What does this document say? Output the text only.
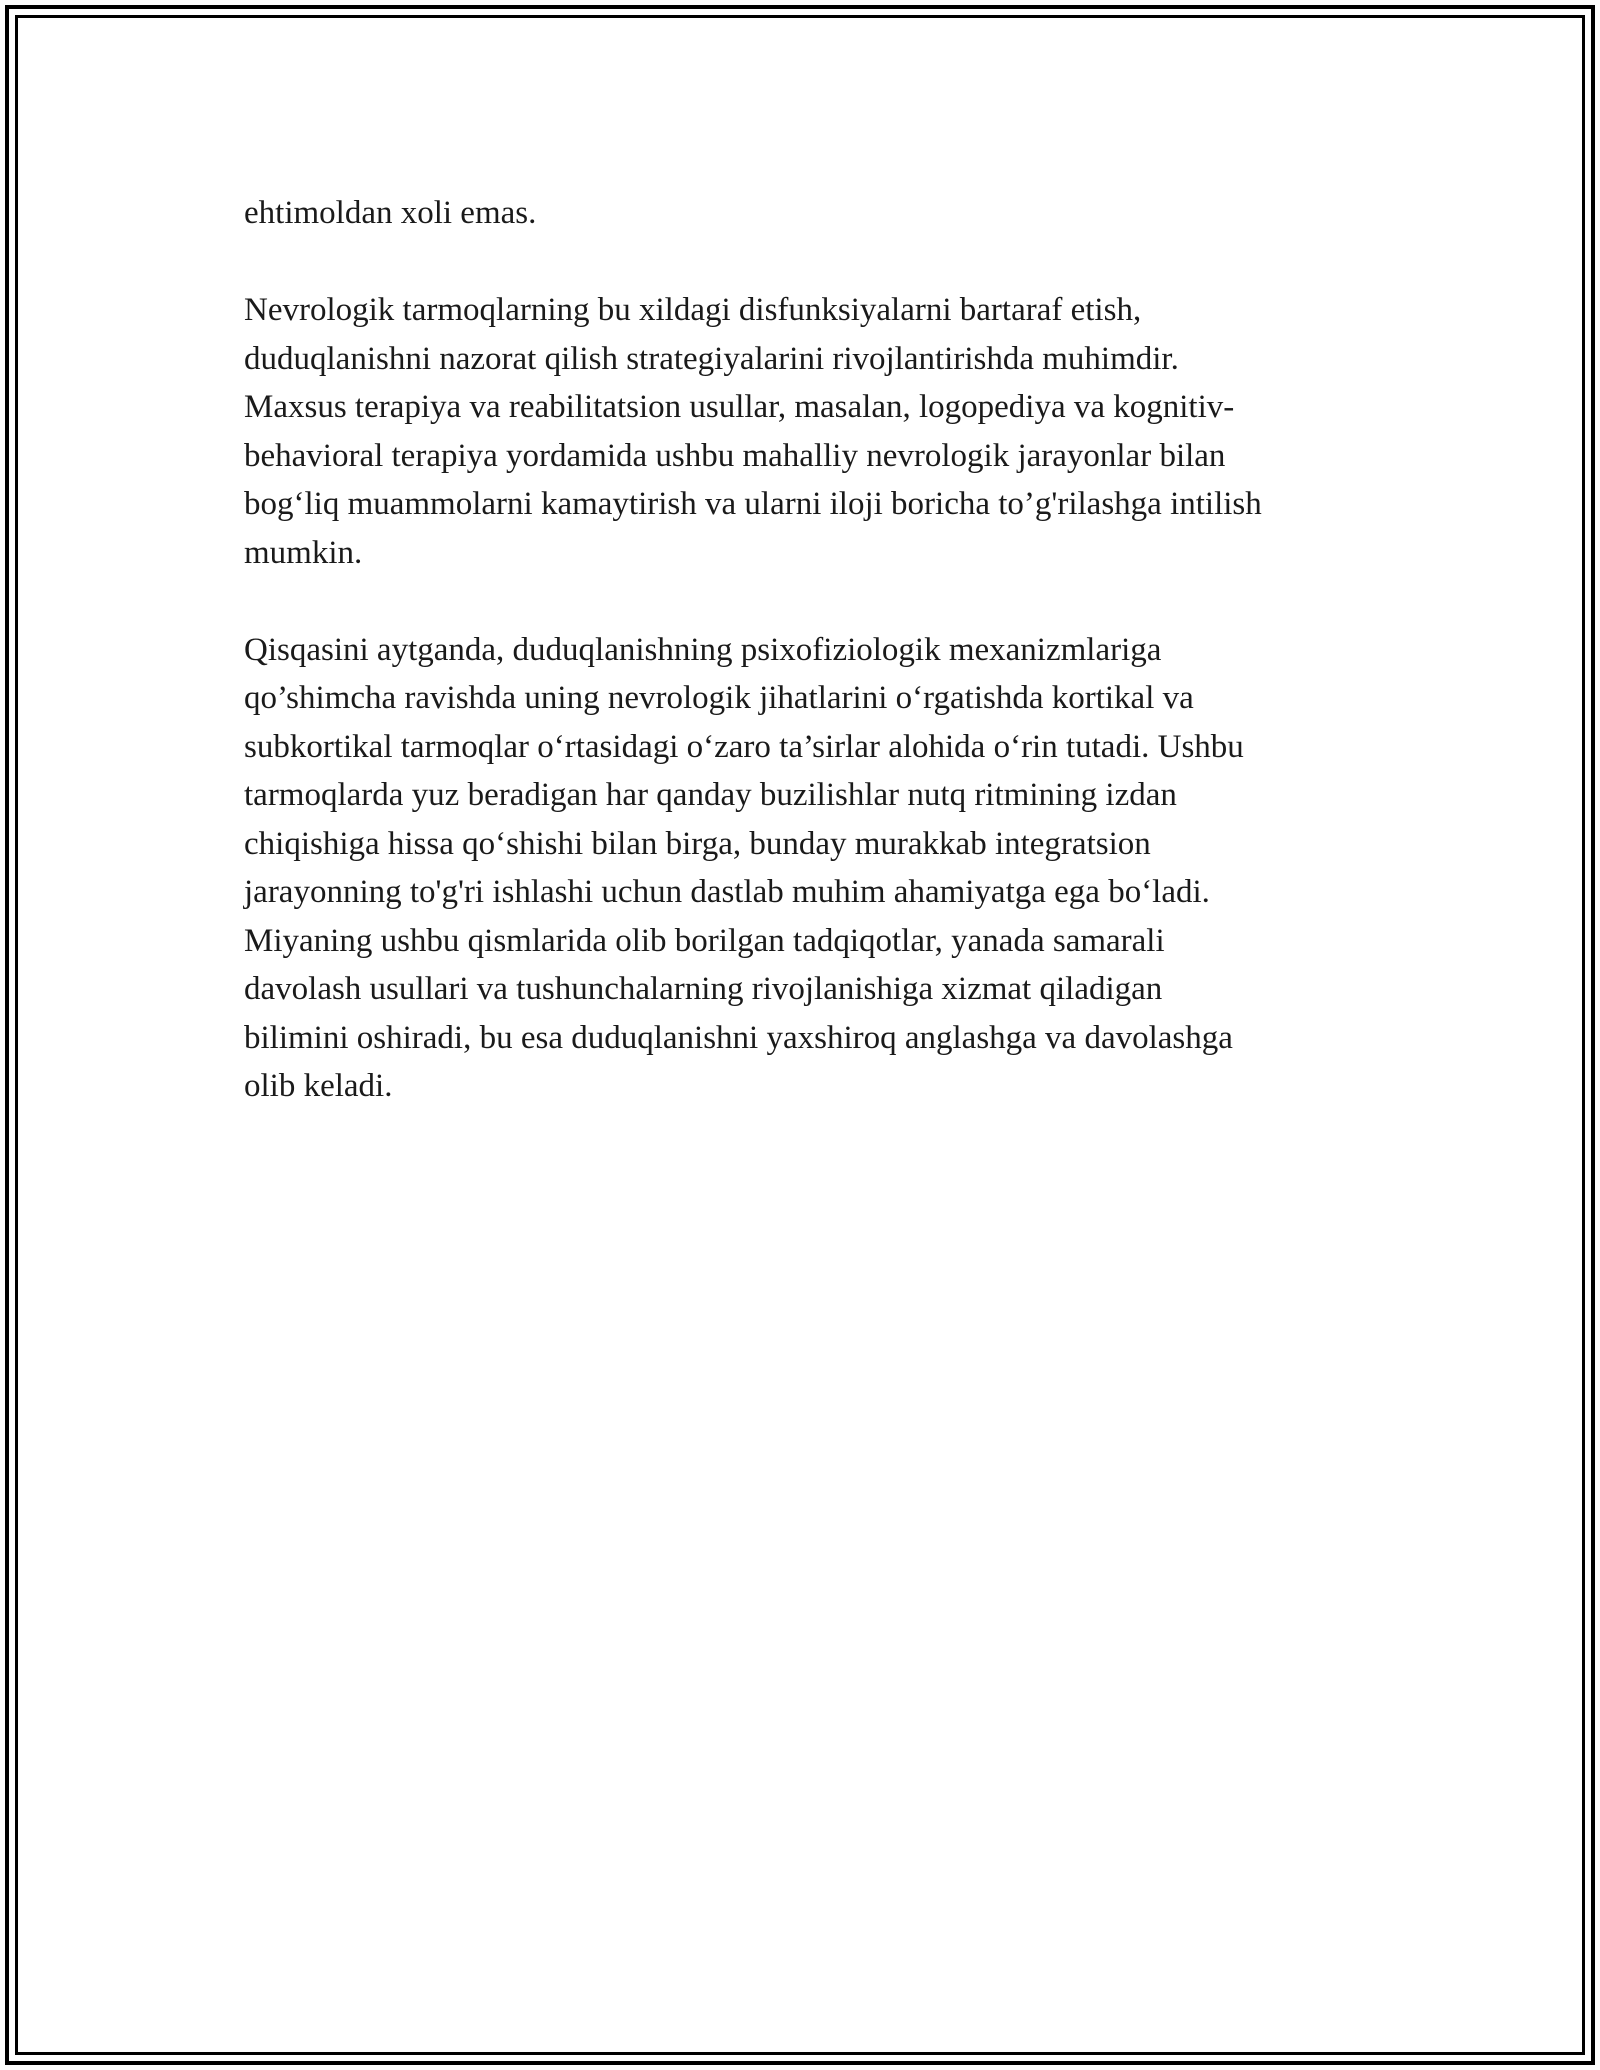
ehtimoldan xoli emas.

Nevrologik tarmoqlarning bu xildagi disfunksiyalarni bartaraf etish,
duduqlanishni nazorat qilish strategiyalarini rivojlantirishda muhimdir.
Maxsus terapiya va reabilitatsion usullar, masalan, logopediya va kognitiv-
behavioral terapiya yordamida ushbu mahalliy nevrologik jarayonlar bilan
bog‘liq muammolarni kamaytirish va ularni iloji boricha to’g'rilashga intilish
mumkin.

Qisqasini aytganda, duduqlanishning psixofiziologik mexanizmlariga
qo’shimcha ravishda uning nevrologik jihatlarini o‘rgatishda kortikal va
subkortikal tarmoqlar o‘rtasidagi o‘zaro ta’sirlar alohida o‘rin tutadi. Ushbu
tarmoqlarda yuz beradigan har qanday buzilishlar nutq ritmining izdan
chiqishiga hissa qo‘shishi bilan birga, bunday murakkab integratsion
jarayonning to'g'ri ishlashi uchun dastlab muhim ahamiyatga ega bo‘ladi.
Miyaning ushbu qismlarida olib borilgan tadqiqotlar, yanada samarali
davolash usullari va tushunchalarning rivojlanishiga xizmat qiladigan
bilimini oshiradi, bu esa duduqlanishni yaxshiroq anglashga va davolashga
olib keladi.
